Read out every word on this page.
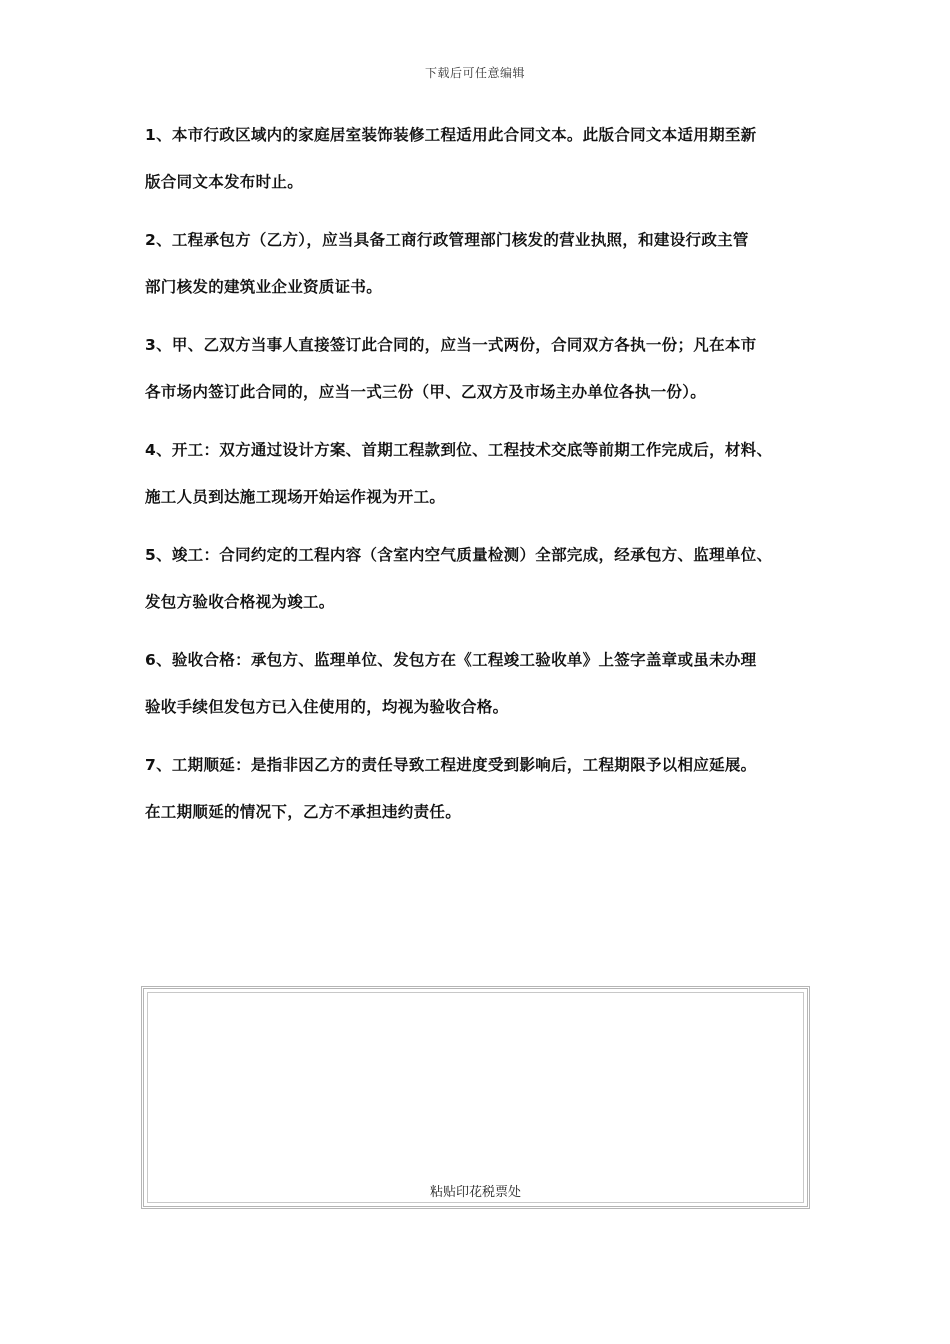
下载后可任意编辑
1、本市行政区域内的家庭居室装饰装修工程适用此合同文本。此版合同文本适用期至新
版合同文本发布时止。
2、工程承包方（乙方），应当具备工商行政管理部门核发的营业执照，和建设行政主管
部门核发的建筑业企业资质证书。
3、甲、乙双方当事人直接签订此合同的，应当一式两份，合同双方各执一份；凡在本市
各市场内签订此合同的，应当一式三份（甲、乙双方及市场主办单位各执一份）。
4、开工：双方通过设计方案、首期工程款到位、工程技术交底等前期工作完成后，材料、
施工人员到达施工现场开始运作视为开工。
5、竣工：合同约定的工程内容（含室内空气质量检测）全部完成，经承包方、监理单位、
发包方验收合格视为竣工。
6、验收合格：承包方、监理单位、发包方在《工程竣工验收单》上签字盖章或虽未办理
验收手续但发包方已入住使用的，均视为验收合格。
7、工期顺延：是指非因乙方的责任导致工程进度受到影响后，工程期限予以相应延展。
在工期顺延的情况下，乙方不承担违约责任。
粘贴印花税票处
